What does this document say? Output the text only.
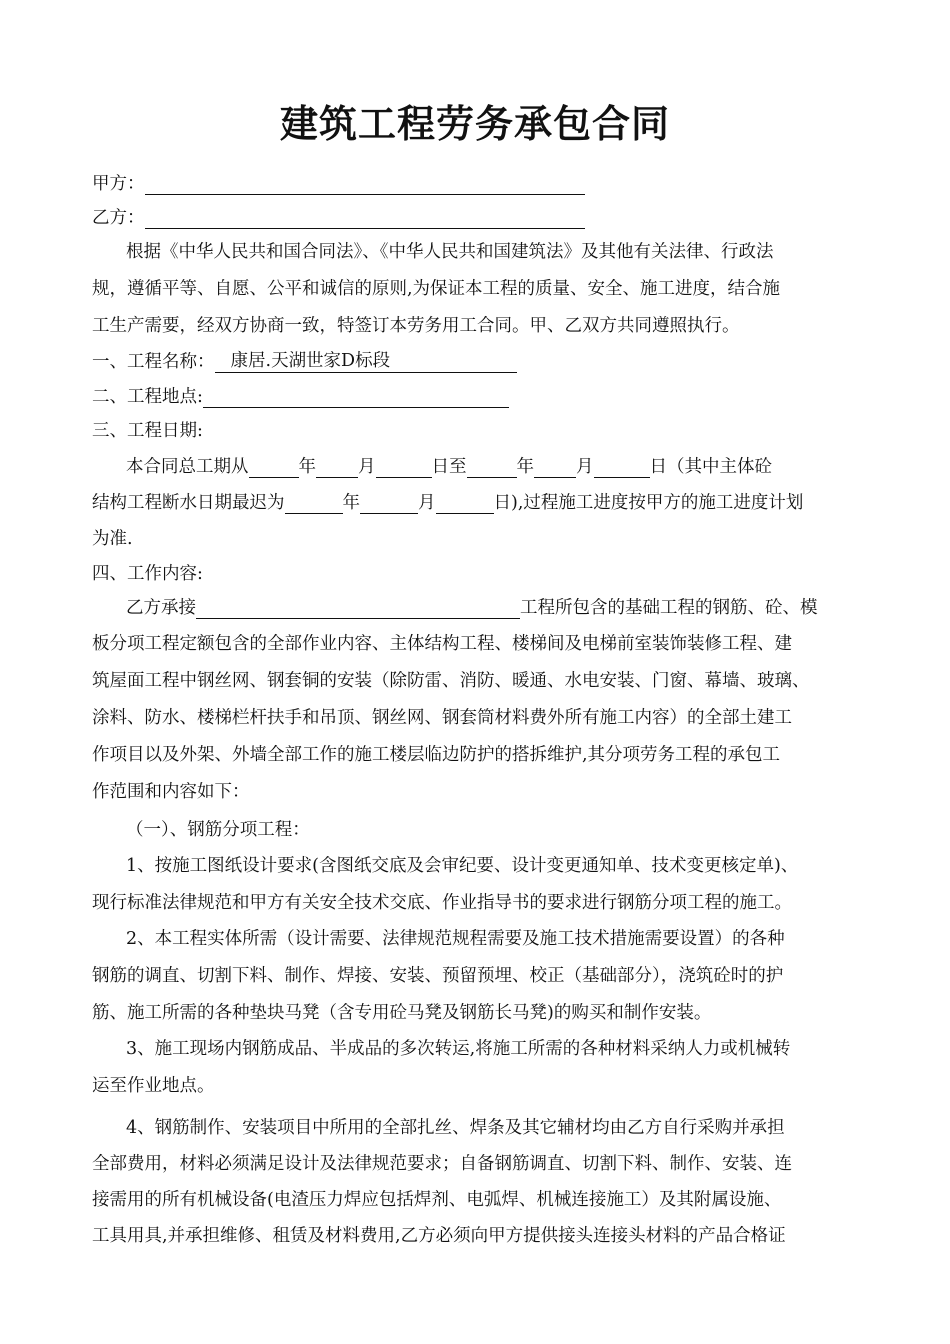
建筑工程劳务承包合同
甲方：
乙方：
根据《中华人民共和国合同法》、《中华人民共和国建筑法》及其他有关法律、行政法
规，遵循平等、自愿、公平和诚信的原则,为保证本工程的质量、安全、施工进度，结合施
工生产需要，经双方协商一致，特签订本劳务用工合同。甲、乙双方共同遵照执行。
一、工程名称： 康居.天湖世家D标段
二、工程地点:
三、工程日期:
本合同总工期从	年 月	日至	年 月	日（其中主体砼
结构工程断水日期最迟为	年	月	日),过程施工进度按甲方的施工进度计划
为准.
四、工作内容:
乙方承接	工程所包含的基础工程的钢筋、砼、模
板分项工程定额包含的全部作业内容、主体结构工程、楼梯间及电梯前室装饰装修工程、建
筑屋面工程中钢丝网、钢套铜的安装（除防雷、消防、暖通、水电安装、门窗、幕墙、玻璃、
涂料、防水、楼梯栏杆扶手和吊顶、钢丝网、钢套筒材料费外所有施工内容）的全部土建工
作项目以及外架、外墙全部工作的施工楼层临边防护的搭拆维护,其分项劳务工程的承包工
作范围和内容如下：
（一）、钢筋分项工程：
1、按施工图纸设计要求(含图纸交底及会审纪要、设计变更通知单、技术变更核定单)、
现行标准法律规范和甲方有关安全技术交底、作业指导书的要求进行钢筋分项工程的施工。
2、本工程实体所需（设计需要、法律规范规程需要及施工技术措施需要设置）的各种
钢筋的调直、切割下料、制作、焊接、安装、预留预埋、校正（基础部分），浇筑砼时的护
筋、施工所需的各种垫块马凳（含专用砼马凳及钢筋长马凳)的购买和制作安装。
3、施工现场内钢筋成品、半成品的多次转运,将施工所需的各种材料采纳人力或机械转
运至作业地点。
4、钢筋制作、安装项目中所用的全部扎丝、焊条及其它辅材均由乙方自行采购并承担
全部费用，材料必须满足设计及法律规范要求；自备钢筋调直、切割下料、制作、安装、连
接需用的所有机械设备(电渣压力焊应包括焊剂、电弧焊、机械连接施工）及其附属设施、
工具用具,并承担维修、租赁及材料费用,乙方必须向甲方提供接头连接头材料的产品合格证
